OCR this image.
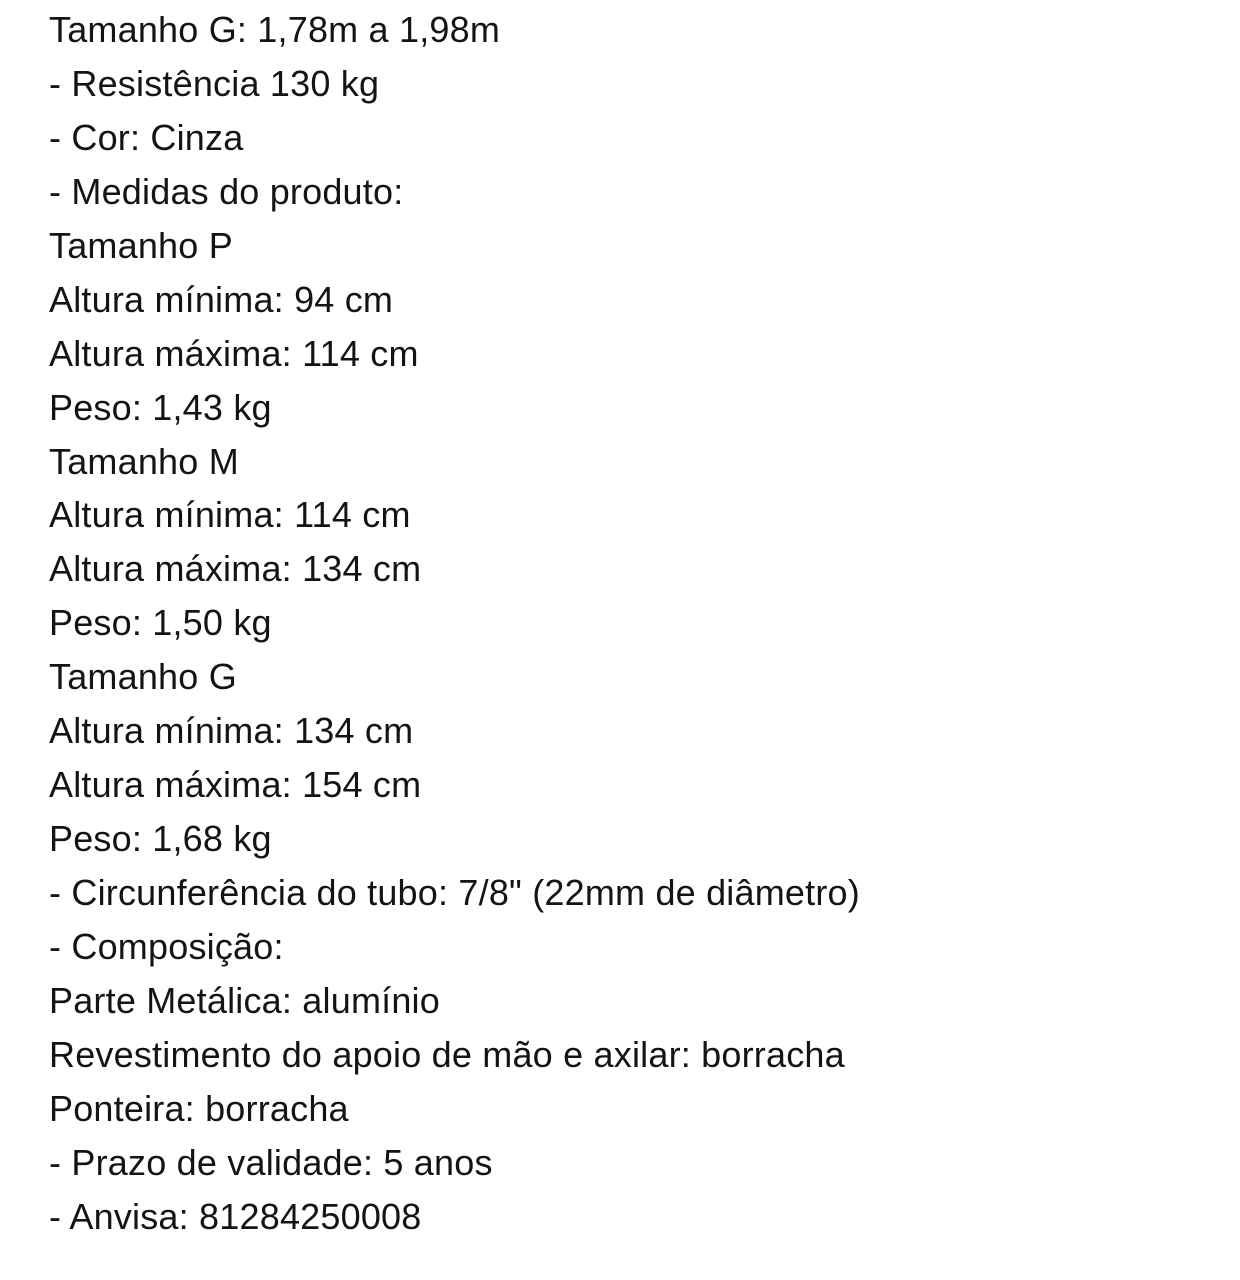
Tamanho G: 1,78m a 1,98m
- Resistência 130 kg
- Cor: Cinza
- Medidas do produto:
Tamanho P
Altura mínima: 94 cm
Altura máxima: 114 cm
Peso: 1,43 kg
Tamanho M
Altura mínima: 114 cm
Altura máxima: 134 cm
Peso: 1,50 kg
Tamanho G
Altura mínima: 134 cm
Altura máxima: 154 cm
Peso: 1,68 kg
- Circunferência do tubo: 7/8" (22mm de diâmetro)
- Composição:
Parte Metálica: alumínio
Revestimento do apoio de mão e axilar: borracha
Ponteira: borracha
- Prazo de validade: 5 anos
- Anvisa: 81284250008
